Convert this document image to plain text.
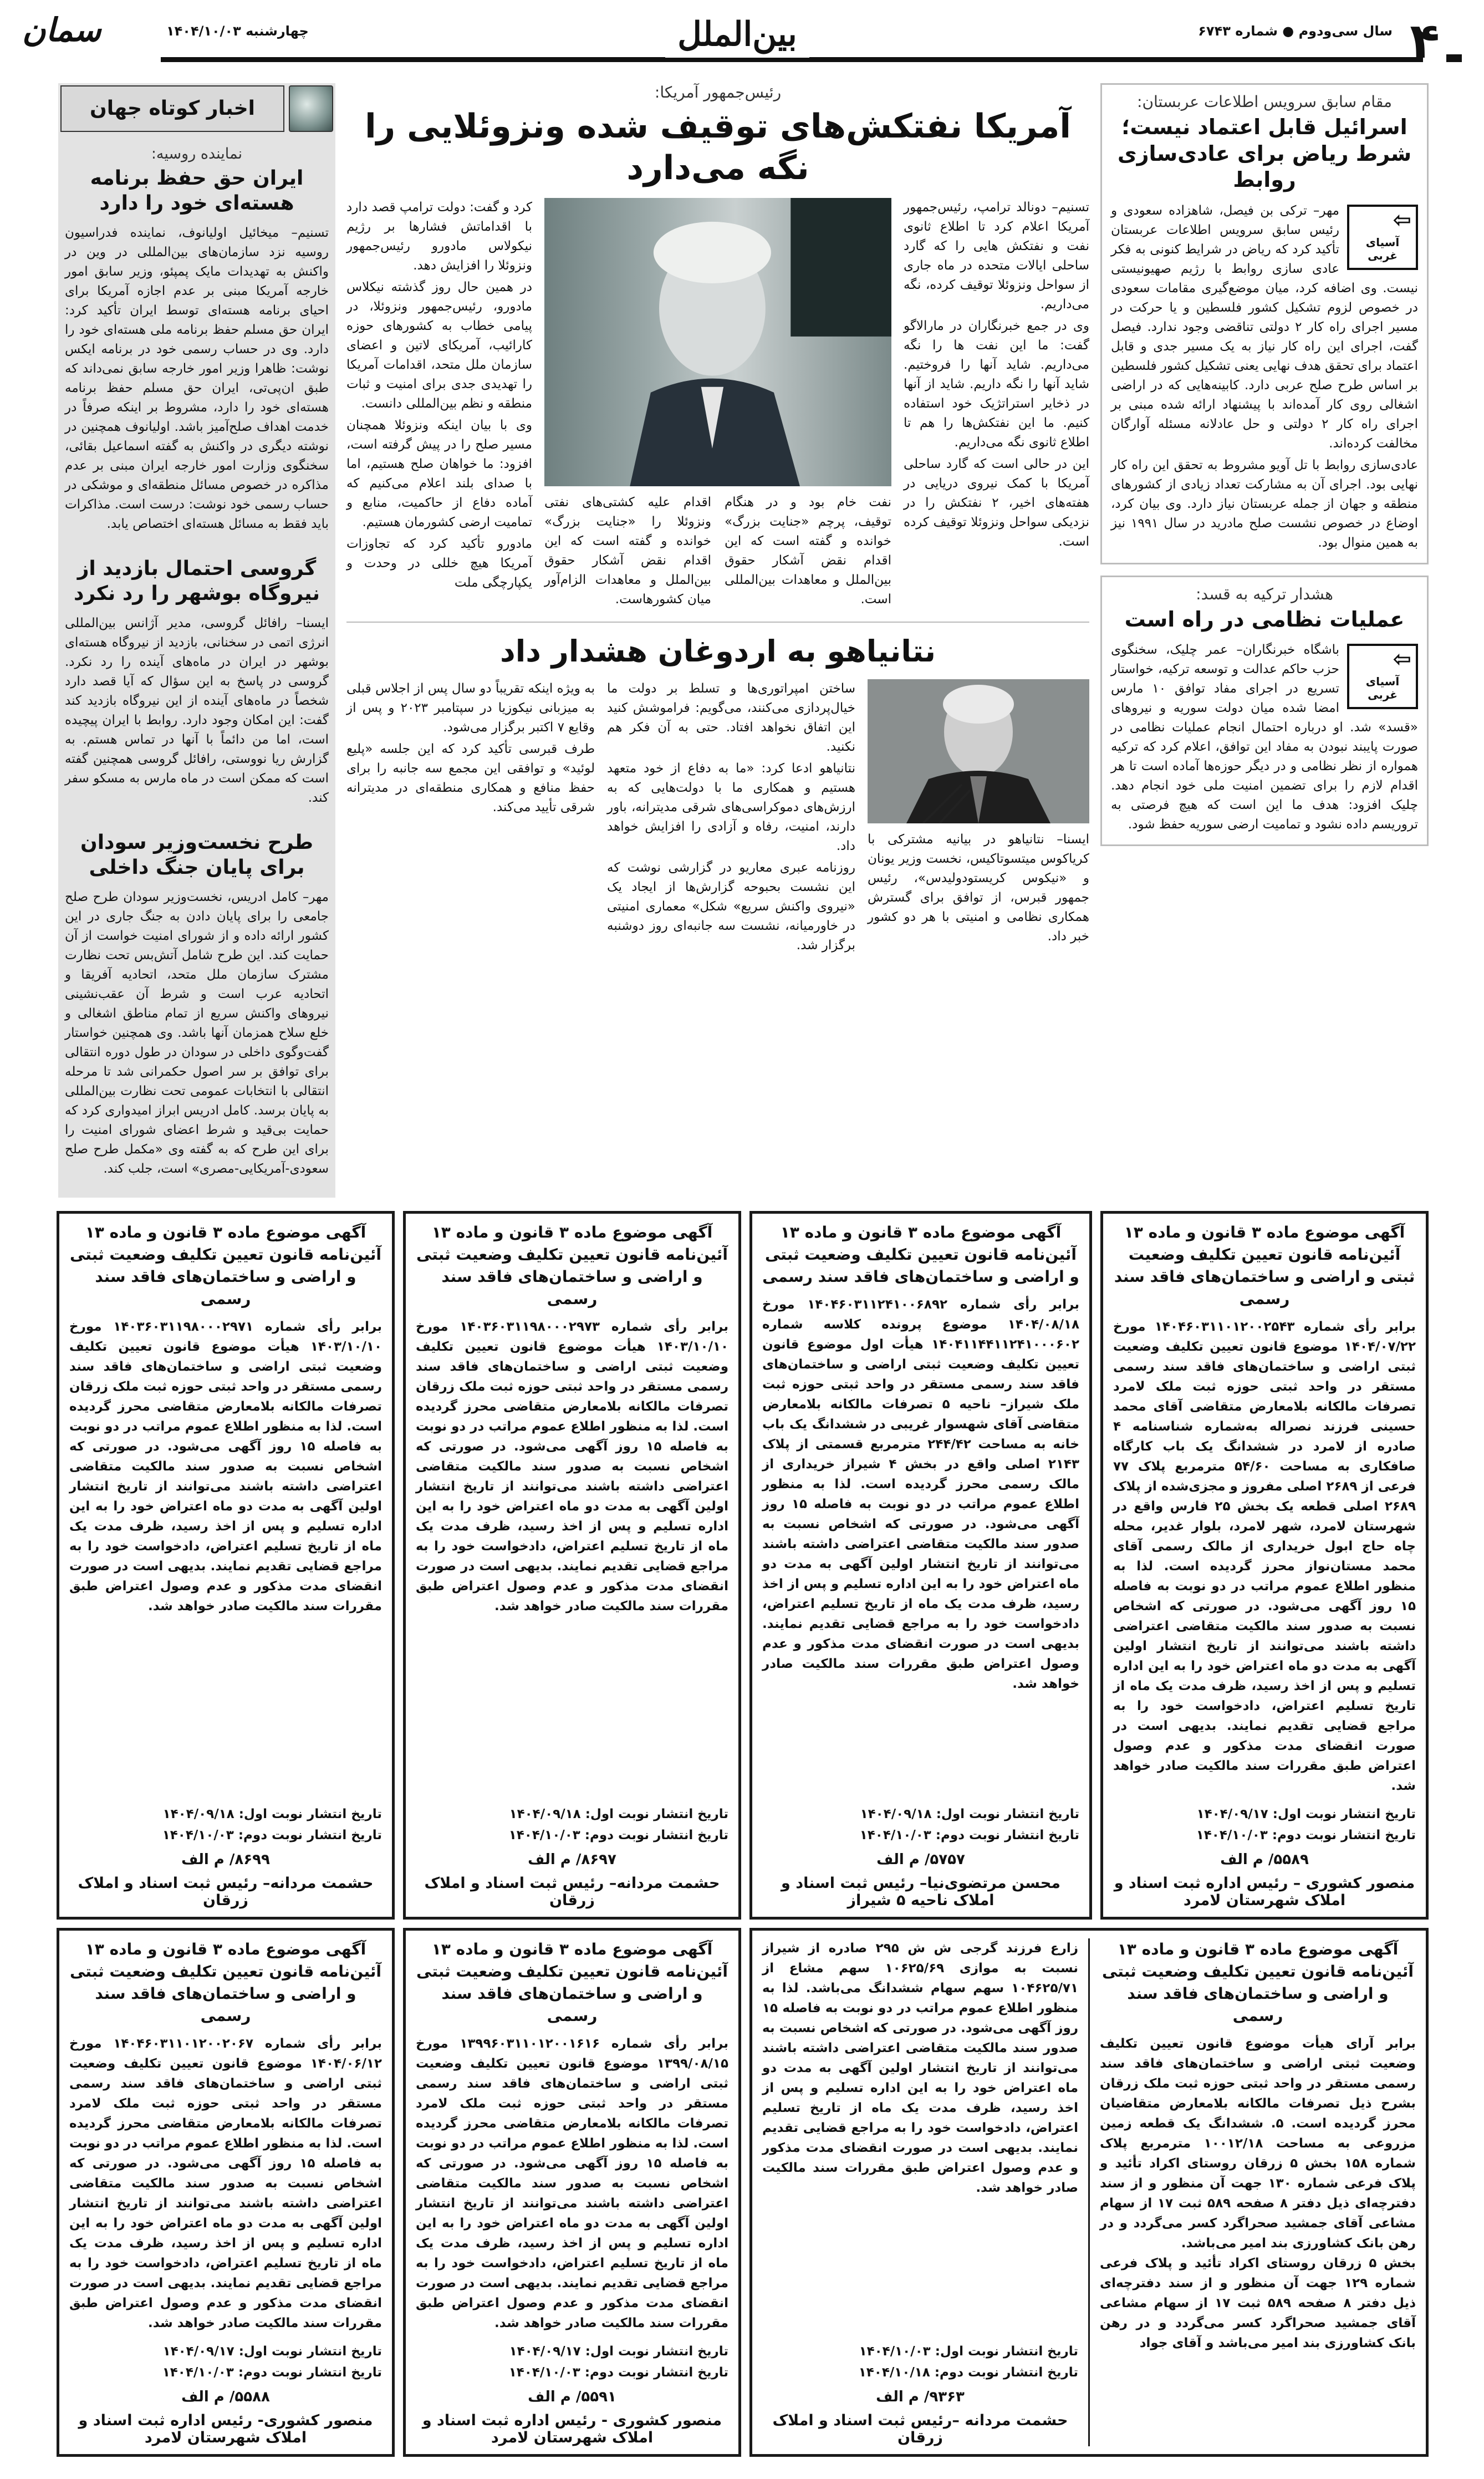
۴
سال سی‌ودوم ● شماره ۶۷۴۳
بین‌الملل
چهارشنبه ۱۴۰۴/۱۰/۰۳
سمان
مقام سابق سرویس اطلاعات عربستان:
اسرائیل قابل اعتماد نیست؛ شرط ریاض برای عادی‌سازی روابط
⇦
آسیای غربی

مهر– ترکی بن فیصل، شاهزاده سعودی و رئیس سابق سرویس اطلاعات عربستان تأکید کرد که ریاض در شرایط کنونی به فکر عادی سازی روابط با رژیم صهیونیستی نیست. وی اضافه کرد، میان موضع‌گیری مقامات سعودی در خصوص لزوم تشکیل کشور فلسطین و یا حرکت در مسیر اجرای راه کار ۲ دولتی تناقضی وجود ندارد. فیصل گفت، اجرای این راه کار نیاز به یک مسیر جدی و قابل اعتماد برای تحقق هدف نهایی یعنی تشکیل کشور فلسطین بر اساس طرح صلح عربی دارد. کابینه‌هایی که در اراضی اشغالی روی کار آمده‌اند با پیشنهاد ارائه شده مبنی بر اجرای راه کار ۲ دولتی و حل عادلانه مسئله آوارگان مخالفت کرده‌اند.

عادی‌سازی روابط با تل آویو مشروط به تحقق این راه کار نهایی بود. اجرای آن به مشارکت تعداد زیادی از کشورهای منطقه و جهان از جمله عربستان نیاز دارد. وی بیان کرد، اوضاع در خصوص نشست صلح مادرید در سال ۱۹۹۱ نیز به همین منوال بود.

هشدار ترکیه به قسد:
عملیات نظامی در راه است
⇦
آسیای غربی

باشگاه خبرنگاران– عمر چلیک، سخنگوی حزب حاکم عدالت و توسعه ترکیه، خواستار تسریع در اجرای مفاد توافق ۱۰ مارس امضا شده میان دولت سوریه و نیروهای «قسد» شد. او درباره احتمال انجام عملیات نظامی در صورت پایبند نبودن به مفاد این توافق، اعلام کرد که ترکیه همواره از نظر نظامی و در دیگر حوزه‌ها آماده است تا هر اقدام لازم را برای تضمین امنیت ملی خود انجام دهد. چلیک افزود: هدف ما این است که هیچ فرصتی به تروریسم داده نشود و تمامیت ارضی سوریه حفظ شود.

رئیس‌جمهور آمریکا:
آمریکا نفتکش‌های توقیف شده ونزوئلایی را نگه می‌دارد

تسنیم– دونالد ترامپ، رئیس‌جمهور آمریکا اعلام کرد تا اطلاع ثانوی نفت و نفتکش هایی را که گارد ساحلی ایالات متحده در ماه جاری از سواحل ونزوئلا توقیف کرده، نگه می‌داریم.

وی در جمع خبرنگاران در مارالاگو گفت: ما این نفت ها را نگه می‌داریم. شاید آنها را فروختیم. شاید آنها را نگه داریم. شاید از آنها در ذخایر استراتژیک خود استفاده کنیم. ما این نفتکش‌ها را هم تا اطلاع ثانوی نگه می‌داریم.

این در حالی است که گارد ساحلی آمریکا با کمک نیروی دریایی در هفته‌های اخیر، ۲ نفتکش را در نزدیکی سواحل ونزوئلا توقیف کرده است.

نفت خام بود و در هنگام توقیف، پرچم «جنایت بزرگ» خوانده و گفته است که این اقدام نقض آشکار حقوق بین‌الملل و معاهدات بین‌المللی است.

اقدام علیه کشتی‌های نفتی ونزوئلا را «جنایت بزرگ» خوانده و گفته است که این اقدام نقض آشکار حقوق بین‌الملل و معاهدات الزام‌آور میان کشورهاست.

کرد و گفت: دولت ترامپ قصد دارد با اقداماتش فشارها بر رژیم نیکولاس مادورو رئیس‌جمهور ونزوئلا را افزایش دهد.

در همین حال روز گذشته نیکلاس مادورو، رئیس‌جمهور ونزوئلا، در پیامی خطاب به کشورهای حوزه کارائیب، آمریکای لاتین و اعضای سازمان ملل متحد، اقدامات آمریکا را تهدیدی جدی برای امنیت و ثبات منطقه و نظم بین‌المللی دانست.

وی با بیان اینکه ونزوئلا همچنان مسیر صلح را در پیش گرفته است، افزود: ما خواهان صلح هستیم، اما با صدای بلند اعلام می‌کنیم که آماده دفاع از حاکمیت، منابع و تمامیت ارضی کشورمان هستیم.

مادورو تأکید کرد که تجاوزات آمریکا هیچ خللی در وحدت و یکپارچگی ملت

نتانیاهو به اردوغان هشدار داد

ایسنا– نتانیاهو در بیانیه مشترکی با کریاکوس میتسوتاکیس، نخست وزیر یونان و «نیکوس کریستودولیدس»، رئیس جمهور قبرس، از توافق برای گسترش همکاری نظامی و امنیتی با هر دو کشور خبر داد.

ساختن امپراتوری‌ها و تسلط بر دولت ما خیال‌پردازی می‌کنند، می‌گویم: فراموشش کنید این اتفاق نخواهد افتاد. حتی به آن فکر هم نکنید.

نتانیاهو ادعا کرد: «ما به دفاع از خود متعهد هستیم و همکاری ما با دولت‌هایی که به ارزش‌های دموکراسی‌های شرقی مدیترانه، باور دارند، امنیت، رفاه و آزادی را افزایش خواهد داد.

روزنامه عبری معاریو در گزارشی نوشت که این نشست بحبوحه گزارش‌ها از ایجاد یک «نیروی واکنش سریع» شکل» معماری امنیتی در خاورمیانه، نشست سه جانبه‌ای روز دوشنبه برگزار شد.

به ویژه اینکه تقریباً دو سال پس از اجلاس قبلی به میزبانی نیکوزیا در سپتامبر ۲۰۲۳ و پس از وقایع ۷ اکتبر برگزار می‌شود.

طرف قبرسی تأکید کرد که این جلسه «پلیع لوئید» و توافقی این مجمع سه جانبه را برای حفظ منافع و همکاری منطقه‌ای در مدیترانه شرقی تأیید می‌کند.

اخبار کوتاه جهان
نماینده روسیه:
ایران حق حفظ برنامه هسته‌ای خود را دارد

تسنیم– میخائیل اولیانوف، نماینده فدراسیون روسیه نزد سازمان‌های بین‌المللی در وین در واکنش به تهدیدات مایک پمپئو، وزیر سابق امور خارجه آمریکا مبنی بر عدم اجازه آمریکا برای احیای برنامه هسته‌ای توسط ایران تأکید کرد: ایران حق مسلم حفظ برنامه ملی هسته‌ای خود را دارد. وی در حساب رسمی خود در برنامه ایکس نوشت: ظاهرا وزیر امور خارجه سابق نمی‌داند که طبق ان‌پی‌تی، ایران حق مسلم حفظ برنامه هسته‌ای خود را دارد، مشروط بر اینکه صرفاً در خدمت اهداف صلح‌آمیز باشد. اولیانوف همچنین در نوشته دیگری در واکنش به گفته اسماعیل بقائی، سخنگوی وزارت امور خارجه ایران مبنی بر عدم مذاکره در خصوص مسائل منطقه‌ای و موشکی در حساب رسمی خود نوشت: درست است. مذاکرات باید فقط به مسائل هسته‌ای اختصاص یابد.

گروسی احتمال بازدید از نیروگاه بوشهر را رد نکرد

ایسنا– رافائل گروسی، مدیر آژانس بین‌المللی انرژی اتمی در سخنانی، بازدید از نیروگاه هسته‌ای بوشهر در ایران در ماه‌های آینده را رد نکرد. گروسی در پاسخ به این سؤال که آیا قصد دارد شخصاً در ماه‌های آینده از این نیروگاه بازدید کند گفت: این امکان وجود دارد. روابط با ایران پیچیده است، اما من دائماً با آنها در تماس هستم. به گزارش ریا نووستی، رافائل گروسی همچنین گفته است که ممکن است در ماه مارس به مسکو سفر کند.

طرح نخست‌وزیر سودان برای پایان جنگ داخلی

مهر– کامل ادریس، نخست‌وزیر سودان طرح صلح جامعی را برای پایان دادن به جنگ جاری در این کشور ارائه داده و از شورای امنیت خواست از آن حمایت کند. این طرح شامل آتش‌بس تحت نظارت مشترک سازمان ملل متحد، اتحادیه آفریقا و اتحادیه عرب است و شرط آن عقب‌نشینی نیروهای واکنش سریع از تمام مناطق اشغالی و خلع سلاح همزمان آنها باشد. وی همچنین خواستار گفت‌وگوی داخلی در سودان در طول دوره انتقالی برای توافق بر سر اصول حکمرانی شد تا مرحله انتقالی با انتخابات عمومی تحت نظارت بین‌المللی به پایان برسد. کامل ادریس ابراز امیدواری کرد که حمایت بی‌قید و شرط اعضای شورای امنیت را برای این طرح که به گفته وی «مکمل طرح صلح سعودی-آمریکایی-مصری» است، جلب کند.

آگهی موضوع ماده ۳ قانون و ماده ۱۳ آئین‌نامه قانون تعیین تکلیف وضعیت ثبتی و اراضی و ساختمان‌های فاقد سند رسمی
برابر رأی شماره ۱۴۰۴۶۰۳۱۱۰۱۲۰۰۲۵۴۳ مورخ ۱۴۰۴/۰۷/۲۲ موضوع قانون تعیین تکلیف وضعیت ثبتی اراضی و ساختمان‌های فاقد سند رسمی مستقر در واحد ثبتی حوزه ثبت ملک لامرد تصرفات مالکانه بلامعارض متقاضی آقای محمد حسینی فرزند نصراله به‌شماره شناسنامه ۴ صادره از لامرد در ششدانگ یک باب کارگاه صافکاری به مساحت ۵۴/۶۰ مترمربع پلاک ۷۷ فرعی از ۲۶۸۹ اصلی مفروز و مجزی‌شده از پلاک ۲۶۸۹ اصلی قطعه یک بخش ۲۵ فارس واقع در شهرستان لامرد، شهر لامرد، بلوار غدیر، محله چاه حاج ابول خریداری از مالک رسمی آقای محمد مستان‌نواز محرز گردیده است. لذا به منظور اطلاع عموم مراتب در دو نوبت به فاصله ۱۵ روز آگهی می‌شود. در صورتی که اشخاص نسبت به صدور سند مالکیت متقاضی اعتراضی داشته باشند می‌توانند از تاریخ انتشار اولین آگهی به مدت دو ماه اعتراض خود را به این اداره تسلیم و پس از اخذ رسید، ظرف مدت یک ماه از تاریخ تسلیم اعتراض، دادخواست خود را به مراجع قضایی تقدیم نمایند. بدیهی است در صورت انقضای مدت مذکور و عدم وصول اعتراض طبق مقررات سند مالکیت صادر خواهد شد.
تاریخ انتشار نوبت اول: ۱۴۰۴/۰۹/۱۷
تاریخ انتشار نوبت دوم: ۱۴۰۴/۱۰/۰۳
۵۵۸۹/ م الف
منصور کشوری – رئیس اداره ثبت اسناد و املاک شهرستان لامرد
آگهی موضوع ماده ۳ قانون و ماده ۱۳ آئین‌نامه قانون تعیین تکلیف وضعیت ثبتی و اراضی و ساختمان‌های فاقد سند رسمی
برابر رأی شماره ۱۴۰۴۶۰۳۱۱۲۴۱۰۰۶۸۹۲ مورخ ۱۴۰۴/۰۸/۱۸ موضوع پرونده کلاسه شماره ۱۴۰۴۱۱۴۴۱۱۲۴۱۰۰۰۶۰۲ هیأت اول موضوع قانون تعیین تکلیف وضعیت ثبتی اراضی و ساختمان‌های فاقد سند رسمی مستقر در واحد ثبتی حوزه ثبت ملک شیراز– ناحیه ۵ تصرفات مالکانه بلامعارض متقاضی آقای شهسوار غریبی در ششدانگ یک باب خانه به مساحت ۲۴۴/۴۲ مترمربع قسمتی از پلاک ۲۱۴۳ اصلی واقع در بخش ۴ شیراز خریداری از مالک رسمی محرز گردیده است. لذا به منظور اطلاع عموم مراتب در دو نوبت به فاصله ۱۵ روز آگهی می‌شود. در صورتی که اشخاص نسبت به صدور سند مالکیت متقاضی اعتراضی داشته باشند می‌توانند از تاریخ انتشار اولین آگهی به مدت دو ماه اعتراض خود را به این اداره تسلیم و پس از اخذ رسید، ظرف مدت یک ماه از تاریخ تسلیم اعتراض، دادخواست خود را به مراجع قضایی تقدیم نمایند. بدیهی است در صورت انقضای مدت مذکور و عدم وصول اعتراض طبق مقررات سند مالکیت صادر خواهد شد.
تاریخ انتشار نوبت اول: ۱۴۰۴/۰۹/۱۸
تاریخ انتشار نوبت دوم: ۱۴۰۴/۱۰/۰۳
۵۷۵۷/ م الف
محسن مرتضوی‌نیا– رئیس ثبت اسناد و املاک ناحیه ۵ شیراز
آگهی موضوع ماده ۳ قانون و ماده ۱۳ آئین‌نامه قانون تعیین تکلیف وضعیت ثبتی و اراضی و ساختمان‌های فاقد سند رسمی
برابر رأی شماره ۱۴۰۳۶۰۳۱۱۹۸۰۰۰۲۹۷۳ مورخ ۱۴۰۳/۱۰/۱۰ هیأت موضوع قانون تعیین تکلیف وضعیت ثبتی اراضی و ساختمان‌های فاقد سند رسمی مستقر در واحد ثبتی حوزه ثبت ملک زرقان تصرفات مالکانه بلامعارض متقاضی محرز گردیده است. لذا به منظور اطلاع عموم مراتب در دو نوبت به فاصله ۱۵ روز آگهی می‌شود. در صورتی که اشخاص نسبت به صدور سند مالکیت متقاضی اعتراضی داشته باشند می‌توانند از تاریخ انتشار اولین آگهی به مدت دو ماه اعتراض خود را به این اداره تسلیم و پس از اخذ رسید، ظرف مدت یک ماه از تاریخ تسلیم اعتراض، دادخواست خود را به مراجع قضایی تقدیم نمایند. بدیهی است در صورت انقضای مدت مذکور و عدم وصول اعتراض طبق مقررات سند مالکیت صادر خواهد شد.
تاریخ انتشار نوبت اول: ۱۴۰۴/۰۹/۱۸
تاریخ انتشار نوبت دوم: ۱۴۰۴/۱۰/۰۳
۸۶۹۷/ م الف
حشمت مردانه– رئیس ثبت اسناد و املاک زرقان
آگهی موضوع ماده ۳ قانون و ماده ۱۳ آئین‌نامه قانون تعیین تکلیف وضعیت ثبتی و اراضی و ساختمان‌های فاقد سند رسمی
برابر رأی شماره ۱۴۰۳۶۰۳۱۱۹۸۰۰۰۲۹۷۱ مورخ ۱۴۰۳/۱۰/۱۰ هیأت موضوع قانون تعیین تکلیف وضعیت ثبتی اراضی و ساختمان‌های فاقد سند رسمی مستقر در واحد ثبتی حوزه ثبت ملک زرقان تصرفات مالکانه بلامعارض متقاضی محرز گردیده است. لذا به منظور اطلاع عموم مراتب در دو نوبت به فاصله ۱۵ روز آگهی می‌شود. در صورتی که اشخاص نسبت به صدور سند مالکیت متقاضی اعتراضی داشته باشند می‌توانند از تاریخ انتشار اولین آگهی به مدت دو ماه اعتراض خود را به این اداره تسلیم و پس از اخذ رسید، ظرف مدت یک ماه از تاریخ تسلیم اعتراض، دادخواست خود را به مراجع قضایی تقدیم نمایند. بدیهی است در صورت انقضای مدت مذکور و عدم وصول اعتراض طبق مقررات سند مالکیت صادر خواهد شد.
تاریخ انتشار نوبت اول: ۱۴۰۴/۰۹/۱۸
تاریخ انتشار نوبت دوم: ۱۴۰۴/۱۰/۰۳
۸۶۹۹/ م الف
حشمت مردانه– رئیس ثبت اسناد و املاک زرقان
آگهی موضوع ماده ۳ قانون و ماده ۱۳ آئین‌نامه قانون تعیین تکلیف وضعیت ثبتی و اراضی و ساختمان‌های فاقد سند رسمی
برابر آرای هیأت موضوع قانون تعیین تکلیف وضعیت ثبتی اراضی و ساختمان‌های فاقد سند رسمی مستقر در واحد ثبتی حوزه ثبت ملک زرقان بشرح ذیل تصرفات مالکانه بلامعارض متقاضیان محرز گردیده است. ۵. ششدانگ یک قطعه زمین مزروعی به مساحت ۱۰۰۱۲/۱۸ مترمربع پلاک شماره ۱۵۸ بخش ۵ زرقان روستای اکراد تأئید و پلاک فرعی شماره ۱۳۰ جهت آن منظور و از سند دفترچه‌ای ذیل دفتر ۸ صفحه ۵۸۹ ثبت ۱۷ از سهام مشاعی آقای جمشید صحراگرد کسر می‌گردد و در رهن بانک کشاورزی بند امیر می‌باشد.
بخش ۵ زرقان روستای اکراد تأئید و پلاک فرعی شماره ۱۲۹ جهت آن منظور و از سند دفترچه‌ای ذیل دفتر ۸ صفحه ۵۸۹ ثبت ۱۷ از سهام مشاعی آقای جمشید صحراگرد کسر می‌گردد و در رهن بانک کشاورزی بند امیر می‌باشد و آقای جواد
زارع فرزند گرجی ش ش ۲۹۵ صادره از شیراز نسبت به موازی ۱۰۶۲۵/۶۹ سهم مشاع از ۱۰۴۶۲۵/۷۱ سهم سهام ششدانگ می‌باشد. لذا به منظور اطلاع عموم مراتب در دو نوبت به فاصله ۱۵ روز آگهی می‌شود. در صورتی که اشخاص نسبت به صدور سند مالکیت متقاضی اعتراضی داشته باشند می‌توانند از تاریخ انتشار اولین آگهی به مدت دو ماه اعتراض خود را به این اداره تسلیم و پس از اخذ رسید، ظرف مدت یک ماه از تاریخ تسلیم اعتراض، دادخواست خود را به مراجع قضایی تقدیم نمایند. بدیهی است در صورت انقضای مدت مذکور و عدم وصول اعتراض طبق مقررات سند مالکیت صادر خواهد شد.
تاریخ انتشار نوبت اول: ۱۴۰۴/۱۰/۰۳
تاریخ انتشار نوبت دوم: ۱۴۰۴/۱۰/۱۸
۹۳۶۳/ م الف
حشمت مردانه –رئیس ثبت اسناد و املاک زرقان
آگهی موضوع ماده ۳ قانون و ماده ۱۳ آئین‌نامه قانون تعیین تکلیف وضعیت ثبتی و اراضی و ساختمان‌های فاقد سند رسمی
برابر رأی شماره ۱۳۹۹۶۰۳۱۱۰۱۲۰۰۱۶۱۶ مورخ ۱۳۹۹/۰۸/۱۵ موضوع قانون تعیین تکلیف وضعیت ثبتی اراضی و ساختمان‌های فاقد سند رسمی مستقر در واحد ثبتی حوزه ثبت ملک لامرد تصرفات مالکانه بلامعارض متقاضی محرز گردیده است. لذا به منظور اطلاع عموم مراتب در دو نوبت به فاصله ۱۵ روز آگهی می‌شود. در صورتی که اشخاص نسبت به صدور سند مالکیت متقاضی اعتراضی داشته باشند می‌توانند از تاریخ انتشار اولین آگهی به مدت دو ماه اعتراض خود را به این اداره تسلیم و پس از اخذ رسید، ظرف مدت یک ماه از تاریخ تسلیم اعتراض، دادخواست خود را به مراجع قضایی تقدیم نمایند. بدیهی است در صورت انقضای مدت مذکور و عدم وصول اعتراض طبق مقررات سند مالکیت صادر خواهد شد.
تاریخ انتشار نوبت اول: ۱۴۰۴/۰۹/۱۷
تاریخ انتشار نوبت دوم: ۱۴۰۴/۱۰/۰۳
۵۵۹۱/ م الف
منصور کشوری - رئیس اداره ثبت اسناد و املاک شهرستان لامرد
آگهی موضوع ماده ۳ قانون و ماده ۱۳ آئین‌نامه قانون تعیین تکلیف وضعیت ثبتی و اراضی و ساختمان‌های فاقد سند رسمی
برابر رأی شماره ۱۴۰۴۶۰۳۱۱۰۱۲۰۰۲۰۶۷ مورخ ۱۴۰۴/۰۶/۱۲ موضوع قانون تعیین تکلیف وضعیت ثبتی اراضی و ساختمان‌های فاقد سند رسمی مستقر در واحد ثبتی حوزه ثبت ملک لامرد تصرفات مالکانه بلامعارض متقاضی محرز گردیده است. لذا به منظور اطلاع عموم مراتب در دو نوبت به فاصله ۱۵ روز آگهی می‌شود. در صورتی که اشخاص نسبت به صدور سند مالکیت متقاضی اعتراضی داشته باشند می‌توانند از تاریخ انتشار اولین آگهی به مدت دو ماه اعتراض خود را به این اداره تسلیم و پس از اخذ رسید، ظرف مدت یک ماه از تاریخ تسلیم اعتراض، دادخواست خود را به مراجع قضایی تقدیم نمایند. بدیهی است در صورت انقضای مدت مذکور و عدم وصول اعتراض طبق مقررات سند مالکیت صادر خواهد شد.
تاریخ انتشار نوبت اول: ۱۴۰۴/۰۹/۱۷
تاریخ انتشار نوبت دوم: ۱۴۰۴/۱۰/۰۳
۵۵۸۸/ م الف
منصور کشوری- رئیس اداره ثبت اسناد و املاک شهرستان لامرد
